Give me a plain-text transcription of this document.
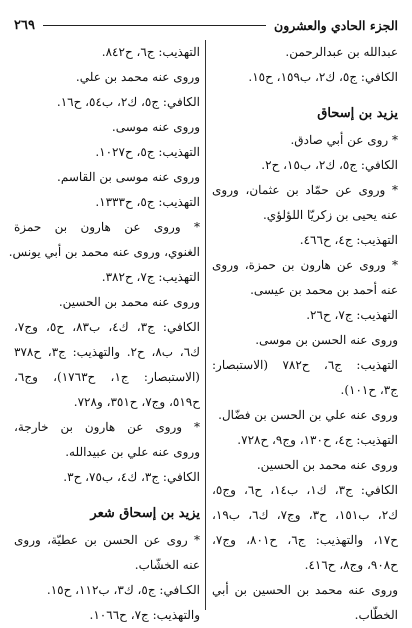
الجزء الحادي والعشرون
٢٦٩
عبدالله بن عبدالرحمن.
الكافي: ج٥، ك٢، ب١٥٩، ح١٥.
يزيد بن إسحاق
* روى عن أبي صادق.
الكافي: ج٥، ك٢، ب١٥، ح٢.
* وروى عن حمّاد بن عثمان، وروى
عنه يحيى بن زكريّا اللؤلؤي.
التهذيب: ج٤، ح٤٦٦.
* وروى عن هارون بن حمزة، وروى
عنه أحمد بن محمد بن عيسى.
التهذيب: ج٧، ح٢٦.
وروى عنه الحسن بن موسى.
التهذيب: ج٦، ح٧٨٢ (الاستبصار:
ج٣، ح١٠١).
وروى عنه علي بن الحسن بن فضّال.
التهذيب: ج٤، ح١٣٠، وج٩، ح٧٢٨.
وروى عنه محمد بن الحسين.
الكافي: ج٣، ك١، ب١٤، ح٦، وج٥،
ك٢، ب١٥١، ح٣، وج٧، ك٦، ب١٩،
ح١٧، والتهذيب: ج٦، ح٨٠١، وج٧،
ح٩٠٨، وج٨، ح٤١٦.
وروى عنه محمد بن الحسين بن أبي
الخطّاب.
التهذيب: ج٦، ح٨٤٢.
وروى عنه محمد بن علي.
الكافي: ج٥، ك٢، ب٥٤، ح١٦.
وروى عنه موسى.
التهذيب: ج٥، ح١٠٢٧.
وروى عنه موسى بن القاسم.
التهذيب: ج٥، ح١٣٣٣.
* وروى عن هارون بن حمزة
الغنوي، وروى عنه محمد بن أبي يونس.
التهذيب: ج٧، ح٣٨٢.
وروى عنه محمد بن الحسين.
الكافي: ج٣، ك٤، ب٨٣، ح٥، وج٧،
ك٦، ب٨، ح٢. والتهذيب: ج٣، ح٣٧٨
(الاستبصار: ج١، ح١٧٦٣)، وج٦،
ح٥١٩، وج٧، ح٣٥١، و٧٢٨.
* وروى عن هارون بن خارجة،
وروى عنه علي بن عبيدالله.
الكافي: ج٣، ك٤، ب٧٥، ح٣.
يزيد بن إسحاق شعر
* روى عن الحسن بن عطيّة، وروى
عنه الخشّاب.
الكـافي: ج٥، ك٣، ب١١٢، ح١٥.
والتهذيب: ج٧، ح١٠٦٦.
